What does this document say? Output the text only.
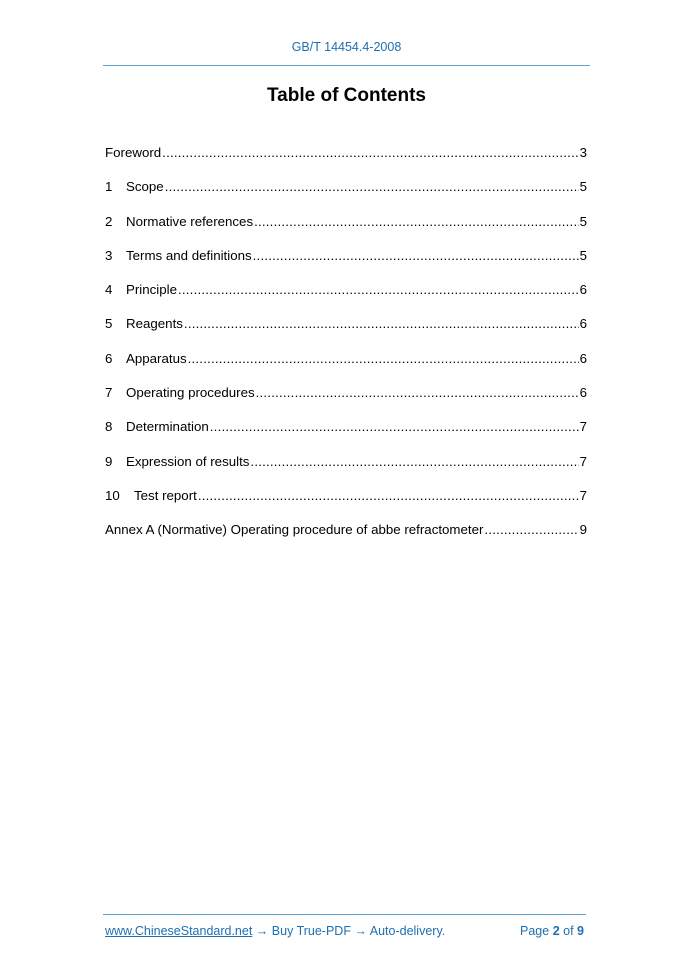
GB/T 14454.4-2008
Table of Contents
Foreword .....	3
1	Scope .....	5
2	Normative references .....	5
3	Terms and definitions .....	5
4	Principle .....	6
5	Reagents .....	6
6	Apparatus .....	6
7	Operating procedures .....	6
8	Determination .....	7
9	Expression of results .....	7
10	Test report .....	7
Annex A (Normative) Operating procedure of abbe refractometer .....	9
www.ChineseStandard.net → Buy True-PDF → Auto-delivery.	Page 2 of 9
